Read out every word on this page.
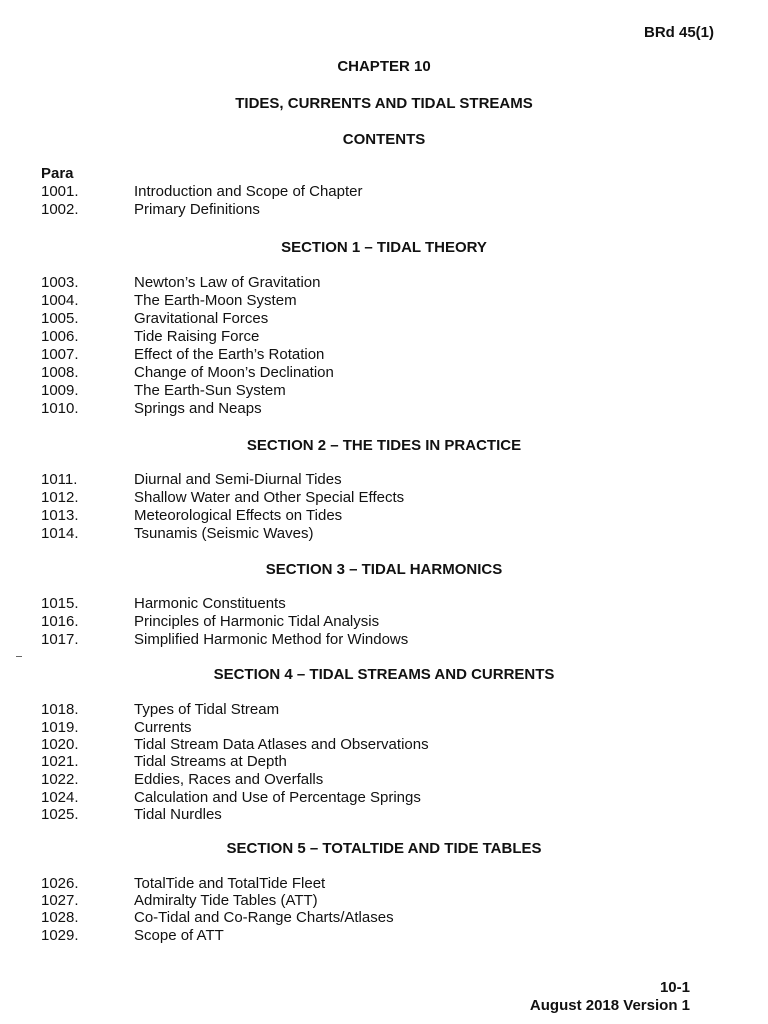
BRd 45(1)
CHAPTER 10
TIDES, CURRENTS AND TIDAL STREAMS
CONTENTS
Para
1001.	Introduction and Scope of Chapter
1002.	Primary Definitions
SECTION 1 – TIDAL THEORY
1003.	Newton’s Law of Gravitation
1004.	The Earth-Moon System
1005.	Gravitational Forces
1006.	Tide Raising Force
1007.	Effect of the Earth’s Rotation
1008.	Change of Moon’s Declination
1009.	The Earth-Sun System
1010.	Springs and Neaps
SECTION 2 – THE TIDES IN PRACTICE
1011.	Diurnal and Semi-Diurnal Tides
1012.	Shallow Water and Other Special Effects
1013.	Meteorological Effects on Tides
1014.	Tsunamis (Seismic Waves)
SECTION 3 – TIDAL HARMONICS
1015.	Harmonic Constituents
1016.	Principles of Harmonic Tidal Analysis
1017.	Simplified Harmonic Method for Windows
SECTION 4 – TIDAL STREAMS AND CURRENTS
1018.	Types of Tidal Stream
1019.	Currents
1020.	Tidal Stream Data Atlases and Observations
1021.	Tidal Streams at Depth
1022.	Eddies, Races and Overfalls
1024.	Calculation and Use of Percentage Springs
1025.	Tidal Nurdles
SECTION 5 – TOTALTIDE AND TIDE TABLES
1026.	TotalTide and TotalTide Fleet
1027.	Admiralty Tide Tables (ATT)
1028.	Co-Tidal and Co-Range Charts/Atlases
1029.	Scope of ATT
10-1
August 2018 Version 1
